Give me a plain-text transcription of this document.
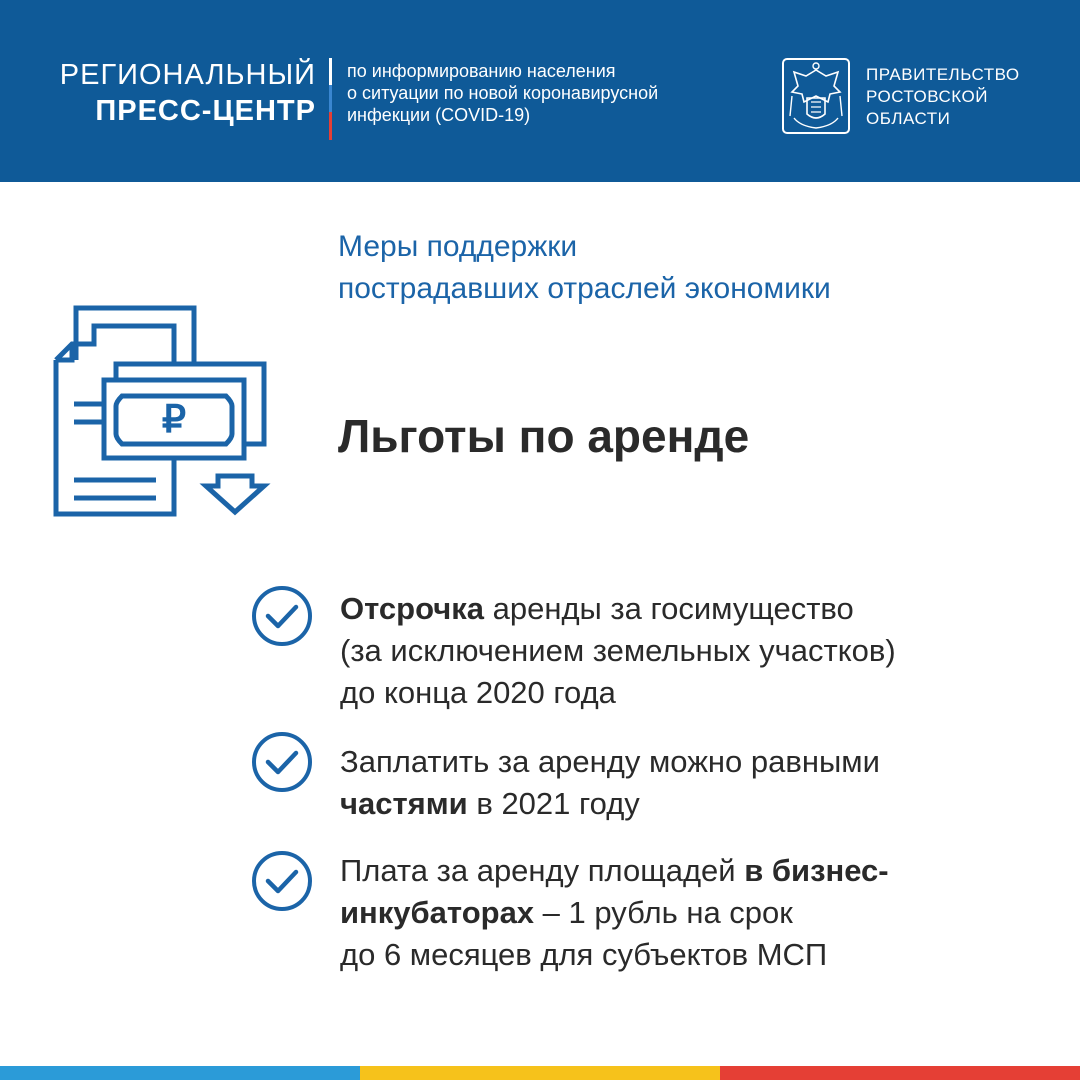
РЕГИОНАЛЬНЫЙ
ПРЕСС-ЦЕНТР
по информированию населения
о ситуации по новой коронавирусной
инфекции (COVID-19)
ПРАВИТЕЛЬСТВО
РОСТОВСКОЙ
ОБЛАСТИ
Меры поддержки
пострадавших отраслей экономики
₽	Льготы по аренде
Отсрочка аренды за госимущество
(за исключением земельных участков)
до конца 2020 года
Заплатить за аренду можно равными
частями в 2021 году
Плата за аренду площадей в бизнес-
инкубаторах – 1 рубль на срок
до 6 месяцев для субъектов МСП
